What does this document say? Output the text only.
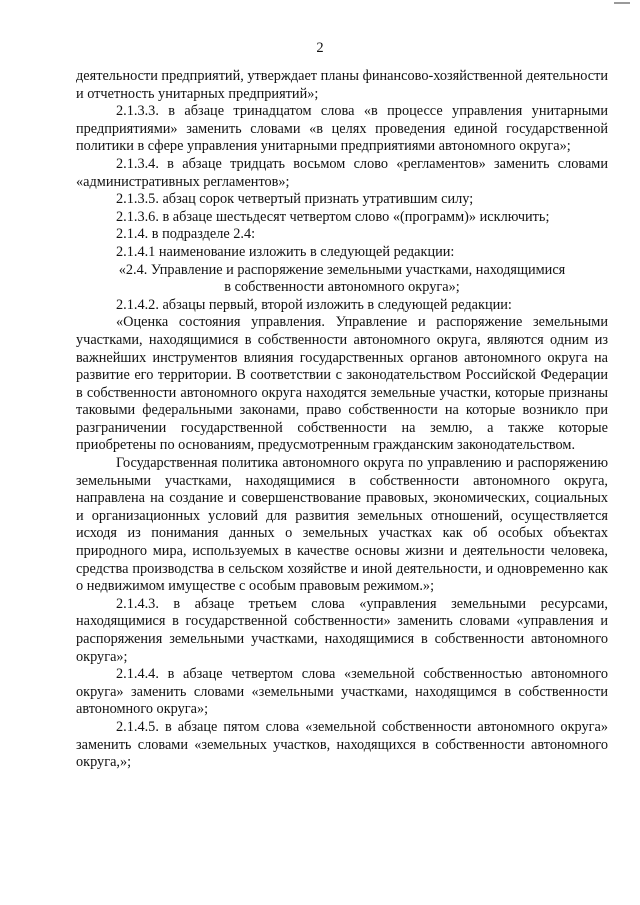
2

деятельности предприятий, утверждает планы финансово-хозяйственной деятельности и отчетность унитарных предприятий»;

2.1.3.3. в абзаце тринадцатом слова «в процессе управления унитарными предприятиями» заменить словами «в целях проведения единой государственной политики в сфере управления унитарными предприятиями автономного округа»;

2.1.3.4. в абзаце тридцать восьмом слово «регламентов» заменить словами «административных регламентов»;

2.1.3.5. абзац сорок четвертый признать утратившим силу;

2.1.3.6. в абзаце шестьдесят четвертом слово «(программ)» исключить;

2.1.4. в подразделе 2.4:

2.1.4.1 наименование изложить в следующей редакции:

«2.4. Управление и распоряжение земельными участками, находящимися

в собственности автономного округа»;

2.1.4.2. абзацы первый, второй изложить в следующей редакции:

«Оценка состояния управления. Управление и распоряжение земельными участками, находящимися в собственности автономного округа, являются одним из важнейших инструментов влияния государственных органов автономного округа на развитие его территории. В соответствии с законодательством Российской Федерации в собственности автономного округа находятся земельные участки, которые признаны таковыми федеральными законами, право собственности на которые возникло при разграничении государственной собственности на землю, а также которые приобретены по основаниям, предусмотренным гражданским законодательством.

Государственная политика автономного округа по управлению и распоряжению земельными участками, находящимися в собственности автономного округа, направлена на создание и совершенствование правовых, экономических, социальных и организационных условий для развития земельных отношений, осуществляется исходя из понимания данных о земельных участках как об особых объектах природного мира, используемых в качестве основы жизни и деятельности человека, средства производства в сельском хозяйстве и иной деятельности, и одновременно как о недвижимом имуществе с особым правовым режимом.»;

2.1.4.3. в абзаце третьем слова «управления земельными ресурсами, находящимися в государственной собственности» заменить словами «управления и распоряжения земельными участками, находящимися в собственности автономного округа»;

2.1.4.4. в абзаце четвертом слова «земельной собственностью автономного округа» заменить словами «земельными участками, находящимся в собственности автономного округа»;

2.1.4.5. в абзаце пятом слова «земельной собственности автономного округа» заменить словами «земельных участков, находящихся в собственности автономного округа,»;
